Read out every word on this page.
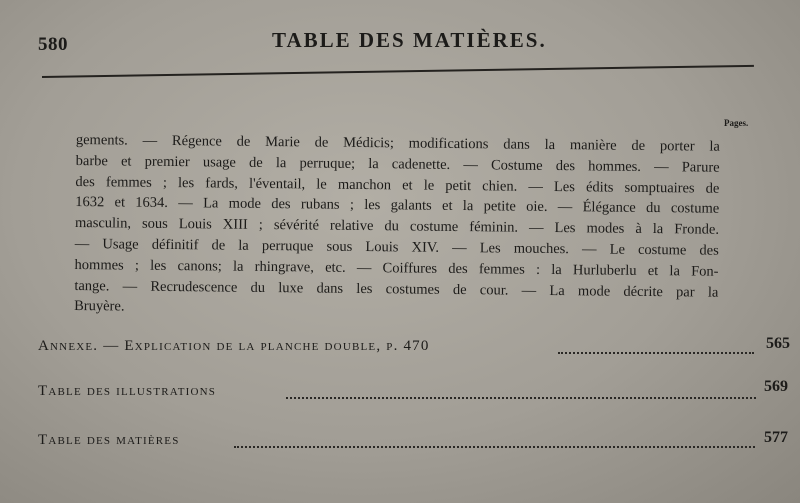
580	TABLE DES MATIÈRES.
Pages.
gements. — Régence de Marie de Médicis; modifications dans la manière de porter la
barbe et premier usage de la perruque; la cadenette. — Costume des hommes. — Parure
des femmes ; les fards, l'éventail, le manchon et le petit chien. — Les édits somptuaires de
1632 et 1634. — La mode des rubans ; les galants et la petite oie. — Élégance du costume
masculin, sous Louis XIII ; sévérité relative du costume féminin. — Les modes à la Fronde.
— Usage définitif de la perruque sous Louis XIV. — Les mouches. — Le costume des
hommes ; les canons; la rhingrave, etc. — Coiffures des femmes : la Hurluberlu et la Fon-
tange. — Recrudescence du luxe dans les costumes de cour. — La mode décrite par la
Bruyère.
Annexe. — Explication de la planche double, p. 470	565
Table des illustrations	569
Table des matières	577
